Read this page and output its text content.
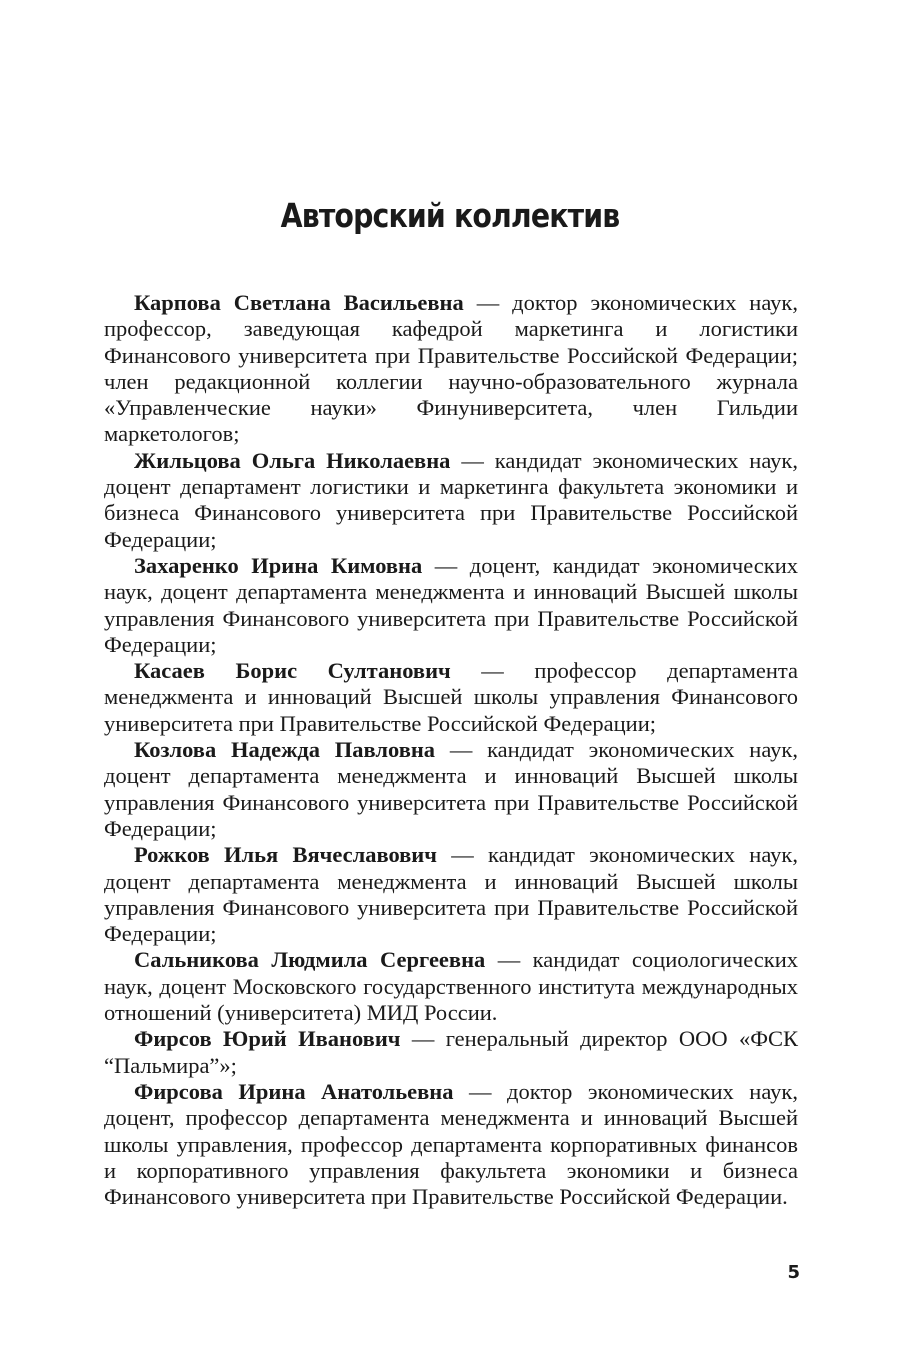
Авторский коллектив

Карпова Светлана Васильевна — доктор экономических наук, профессор, заведующая кафедрой маркетинга и логистики Финансового университета при Правительстве Российской Федерации; член редакционной коллегии научно-образовательного журнала «Управленческие науки» Финуниверситета, член Гильдии маркетологов;

Жильцова Ольга Николаевна — кандидат экономических наук, доцент департамент логистики и маркетинга факультета экономики и бизнеса Финансового университета при Правительстве Российской Федерации;

Захаренко Ирина Кимовна — доцент, кандидат экономических наук, доцент департамента менеджмента и инноваций Высшей школы управления Финансового университета при Правительстве Российской Федерации;

Касаев Борис Султанович — профессор департамента менеджмента и инноваций Высшей школы управления Финансового университета при Правительстве Российской Федерации;

Козлова Надежда Павловна — кандидат экономических наук, доцент департамента менеджмента и инноваций Высшей школы управления Финансового университета при Правительстве Российской Федерации;

Рожков Илья Вячеславович — кандидат экономических наук, доцент департамента менеджмента и инноваций Высшей школы управления Финансового университета при Правительстве Российской Федерации;

Сальникова Людмила Сергеевна — кандидат социологических наук, доцент Московского государственного института международных отношений (университета) МИД России.

Фирсов Юрий Иванович — генеральный директор ООО «ФСК “Пальмира”»;

Фирсова Ирина Анатольевна — доктор экономических наук, доцент, профессор департамента менеджмента и инноваций Высшей школы управления, профессор департамента корпоративных финансов и корпоративного управления факультета экономики и бизнеса Финансового университета при Правительстве Российской Федерации.

5
